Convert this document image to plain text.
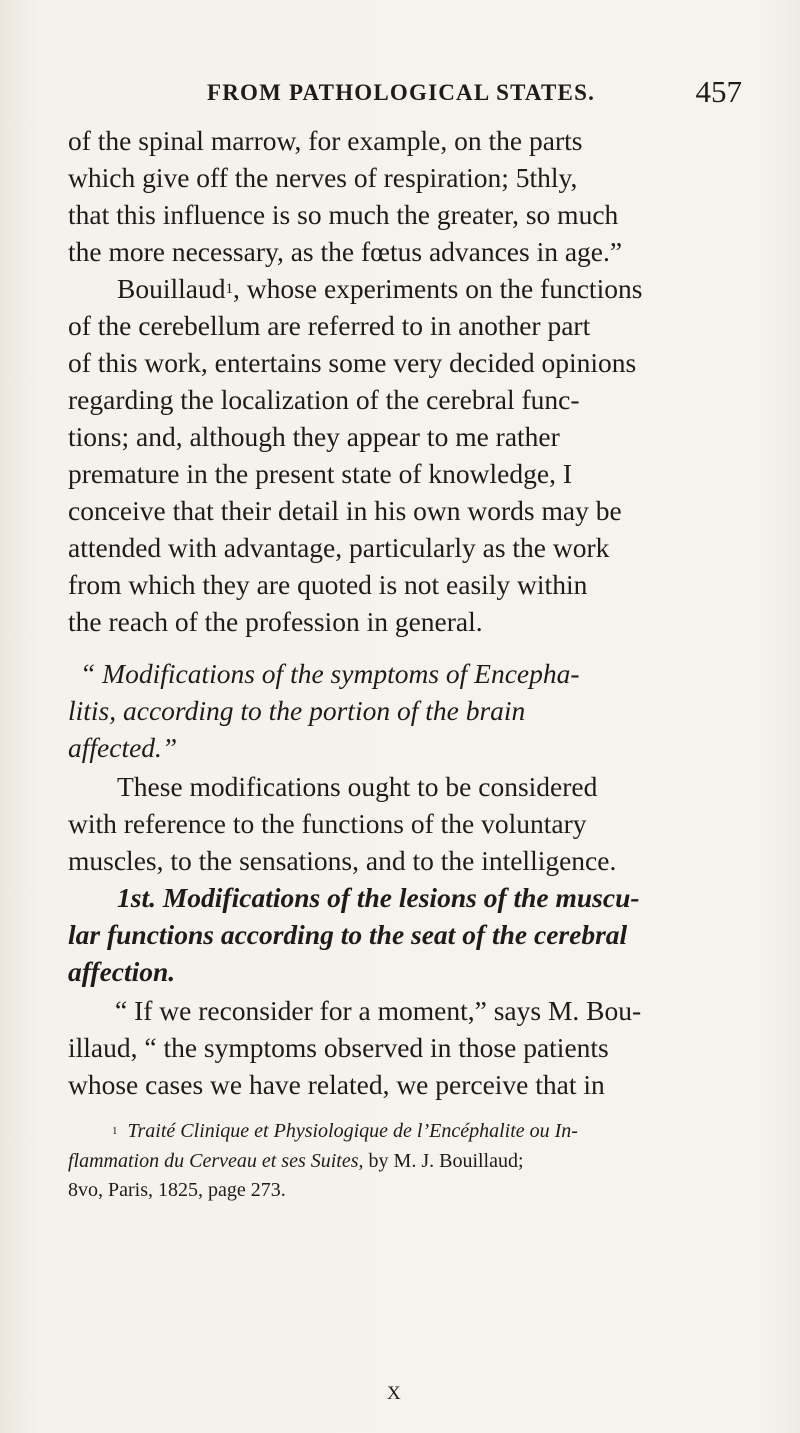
FROM PATHOLOGICAL STATES.	457
of the spinal marrow, for example, on the parts
which give off the nerves of respiration; 5thly,
that this influence is so much the greater, so much
the more necessary, as the fœtus advances in age.”
Bouillaud$^1$, whose experiments on the functions
of the cerebellum are referred to in another part
of this work, entertains some very decided opinions
regarding the localization of the cerebral func-
tions; and, although they appear to me rather
premature in the present state of knowledge, I
conceive that their detail in his own words may be
attended with advantage, particularly as the work
from which they are quoted is not easily within
the reach of the profession in general.
“ Modifications of the symptoms of Encepha-
litis, according to the portion of the brain
affected.”
These modifications ought to be considered
with reference to the functions of the voluntary
muscles, to the sensations, and to the intelligence.
1st. Modifications of the lesions of the muscu-
lar functions according to the seat of the cerebral
affection.
“ If we reconsider for a moment,” says M. Bou-
illaud, “ the symptoms observed in those patients
whose cases we have related, we perceive that in
$^1$ Traité Clinique et Physiologique de l’Encéphalite ou In-
flammation du Cerveau et ses Suites, by M. J. Bouillaud;
8vo, Paris, 1825, page 273.
X
